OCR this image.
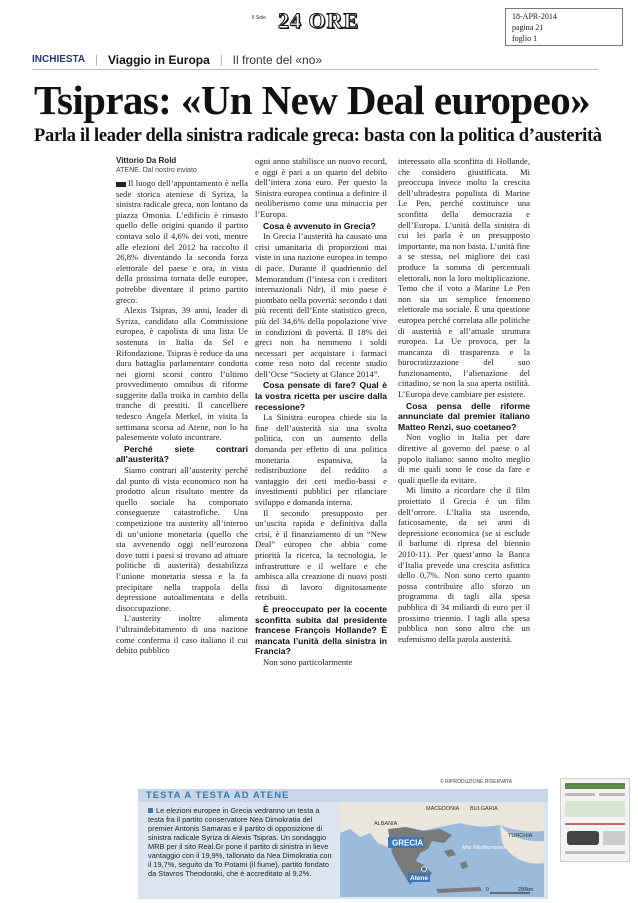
Il Sole 24 ORE	18-APR-2014
pagina 21
foglio 1
INCHIESTA | Viaggio in Europa | Il fronte del «no»
Tsipras: «Un New Deal europeo»
Parla il leader della sinistra radicale greca: basta con la politica d’austerità
Vittorio Da Rold
ATENE. Dal nostro inviato

Il luogo dell’appuntamento è nella sede storica ateniese di Syriza, la sinistra radicale greca, non lontano da piazza Omonia. L’edificio è rimasto quello delle origini quando il partito contava solo il 4,6% dei voti, mentre alle elezioni del 2012 ha raccolto il 26,8% diventando la seconda forza elettorale del paese e ora, in vista della prossima tornata delle europee, potrebbe diventare il primo partito greco.

Alexis Tsipras, 39 anni, leader di Syriza, candidato alla Commissione europea, è capolista di una lista Ue sostenuta in Italia da Sel e Rifondazione. Tsipras è reduce da una dura battaglia parlamentare condotta nei giorni scorsi contro l’ultimo provvedimento omnibus di riforme suggerite dalla troika in cambio della tranche di prestiti. Il cancelliere tedesco Angela Merkel, in visita la settimana scorsa ad Atene, non lo ha palesemente voluto incontrare.

Perché siete contrari all’austerità?

Siamo contrari all’austerity perché dal punto di vista economico non ha prodotto alcun risultato mentre da quello sociale ha comportato conseguenze catastrofiche. Una competizione tra austerity all’interno di un’unione monetaria (quello che sta avvenendo oggi nell’eurozona dove tutti i paesi si trovano ad attuare politiche di austerità) destabilizza l’unione monetaria stessa e la fa precipitare nella trappola della depressione autoalimentata e della disoccupazione.

L’austerity inoltre alimenta l’ultraindebitamento di una nazione come conferma il caso italiano il cui debito pubblico

ogni anno stabilisce un nuovo record, e oggi è pari a un quarto del debito dell’intera zona euro. Per questo la Sinistra europea continua a definire il neoliberismo come una minaccia per l’Europa.

Cosa è avvenuto in Grecia?

In Grecia l’austerità ha causato una crisi umanitaria di proporzioni mai viste in una nazione europea in tempo di pace. Durante il quadriennio del Memorandum (l’intesa con i creditori internazionali Ndr), il mio paese è piombato nella povertà: secondo i dati più recenti dell’Ente statistico greco, più del 34,6% della popolazione vive in condizioni di povertà. Il 18% dei greci non ha nemmeno i soldi necessari per acquistare i farmaci come reso noto dal recente studio dell’Ocse “Society at Glance 2014”.

Cosa pensate di fare? Qual è la vostra ricetta per uscire dalla recessione?

La Sinistra europea chiede sia la fine dell’austerità sia una svolta politica, con un aumento della domanda per effetto di una politica monetaria espansiva, la redistribuzione del reddito a vantaggio dei ceti medio-bassi e investimenti pubblici per rilanciare sviluppo e domanda interna.

Il secondo presupposto per un’uscita rapida e definitiva dalla crisi, è il finanziamento di un “New Deal” europeo che abbia come priorità la ricerca, la tecnologia, le infrastrutture e il welfare e che ambisca alla creazione di nuovi posti fissi di lavoro dignitosamente retribuiti.

È preoccupato per la cocente sconfitta subita dal presidente francese François Hollande? È mancata l’unità della sinistra in Francia?

Non sono particolarmente

interessato alla sconfitta di Hollande, che considero giustificata. Mi preoccupa invece molto la crescita dell’ultradestra populista di Marine Le Pen, perché costituisce una sconfitta della democrazia e dell’Europa. L’unità della sinistra di cui lei parla è un presupposto importante, ma non basta. L’unità fine a se stessa, nel migliore dei casi produce la somma di percentuali elettorali, non la loro moltiplicazione. Temo che il voto a Marine Le Pen non sia un semplice fenomeno elettorale ma sociale. È una questione europea perché correlata alle politiche di austerità e all’attuale struttura europea. La Ue provoca, per la mancanza di trasparenza e la burocratizzazione del suo funzionamento, l’alienazione del cittadino, se non la sua aperta ostilità. L’Europa deve cambiare per esistere.

Cosa pensa delle riforme annunciate dal premier italiano Matteo Renzi, suo coetaneo?

Non voglio in Italia per dare direttive al governo del paese o al popolo italiano: sanno molto meglio di me quali sono le cose da fare e quali quelle da evitare.

Mi limito a ricordare che il film proiettato il Grecia è un film dell’orrore. L’Italia sta uscendo, faticosamente, da sei anni di depressione economica (se si esclude il barlume di ripresa del biennio 2010-11). Per quest’anno la Banca d’Italia prevede una crescita asfittica dello 0,7%. Non sono certo quanto possa contribuire allo sforzo un programma di tagli alla spesa pubblica di 34 miliardi di euro per il prossimo triennio. I tagli alla spesa pubblica non sono altro che un eufemismo della parola austerità.

© RIPRODUZIONE RISERVATA
TESTA A TESTA AD ATENE
Le elezioni europee in Grecia vedranno un testa a testa fra il partito conservatore Nea Dimokratia del premier Antonis Samaras e il partito di opposizione di sinistra radicale Syriza di Alexis Tsipras. Un sondaggio MRB per il sito Real.Gr pone il partito di sinistra in lieve vantaggio con il 19,9%, tallonato da Nea Dimokratia con il 19,7%, seguito da To Potami (il fiume), partito fondato da Stavros Theodoraki, che è accreditato al 9,2%.
MACEDONIA BULGARIA
ALBANIA
GRECIA
TURCHIA
Mar Mediterraneo
Atene
0	200km
